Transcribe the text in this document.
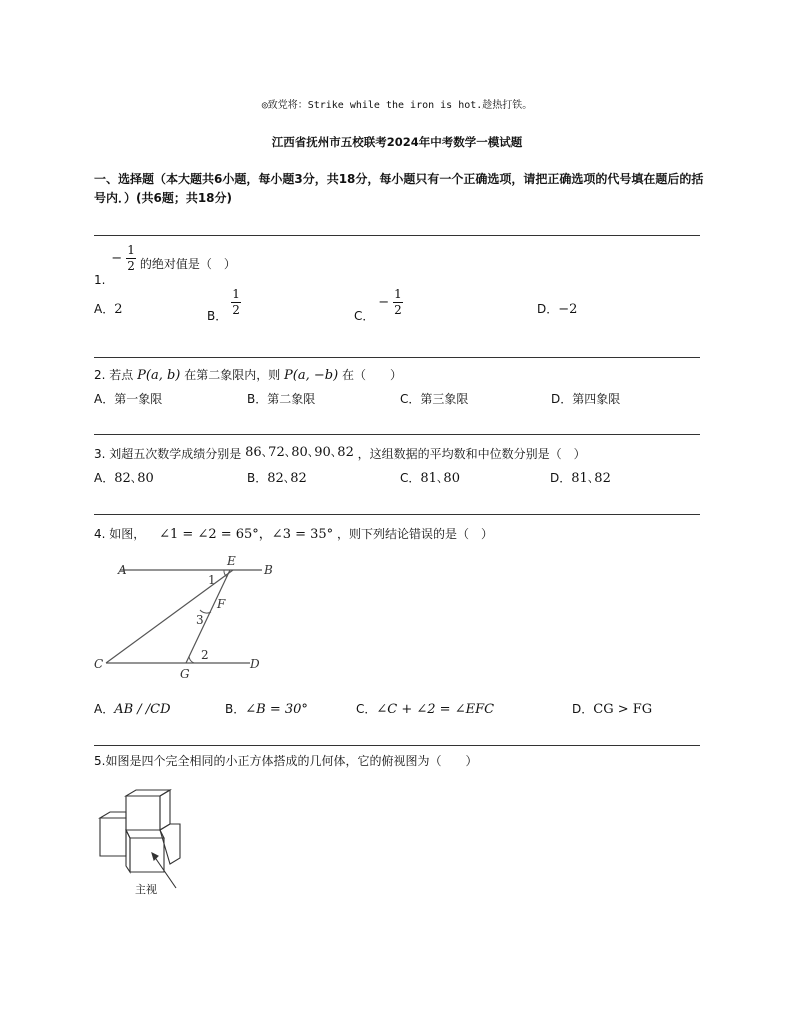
◎致党将：Strike while the iron is hot.趁热打铁。
江西省抚州市五校联考2024年中考数学一模试题
一、选择题（本大题共6小题，每小题3分，共18分，每小题只有一个正确选项，请把正确选项的代号填在题后的括号内．）(共6题；共18分)
1. − $\frac{1}{2}$ 的绝对值是（　）
A．2	B． $\frac{1}{2}$	C． − $\frac{1}{2}$	D．−2
2. 若点 P(a, b) 在第二象限内，则 P(a, −b) 在（　　）
A．第一象限	B．第二象限	C．第三象限	D．第四象限
3. 刘超五次数学成绩分别是 86､72､80､90､82 ，这组数据的平均数和中位数分别是（　）
A．82､80	B．82､82	C．81､80	D．81､82
4. 如图， ∠1 = ∠2 = 65°，∠3 = 35° ，则下列结论错误的是（　）
A	B
C	D
E
F
G
1
2
3
A．AB / /CD	B．∠B = 30°	C．∠C + ∠2 = ∠EFC	D．CG > FG
5.如图是四个完全相同的小正方体搭成的几何体，它的俯视图为（　　）
主视
